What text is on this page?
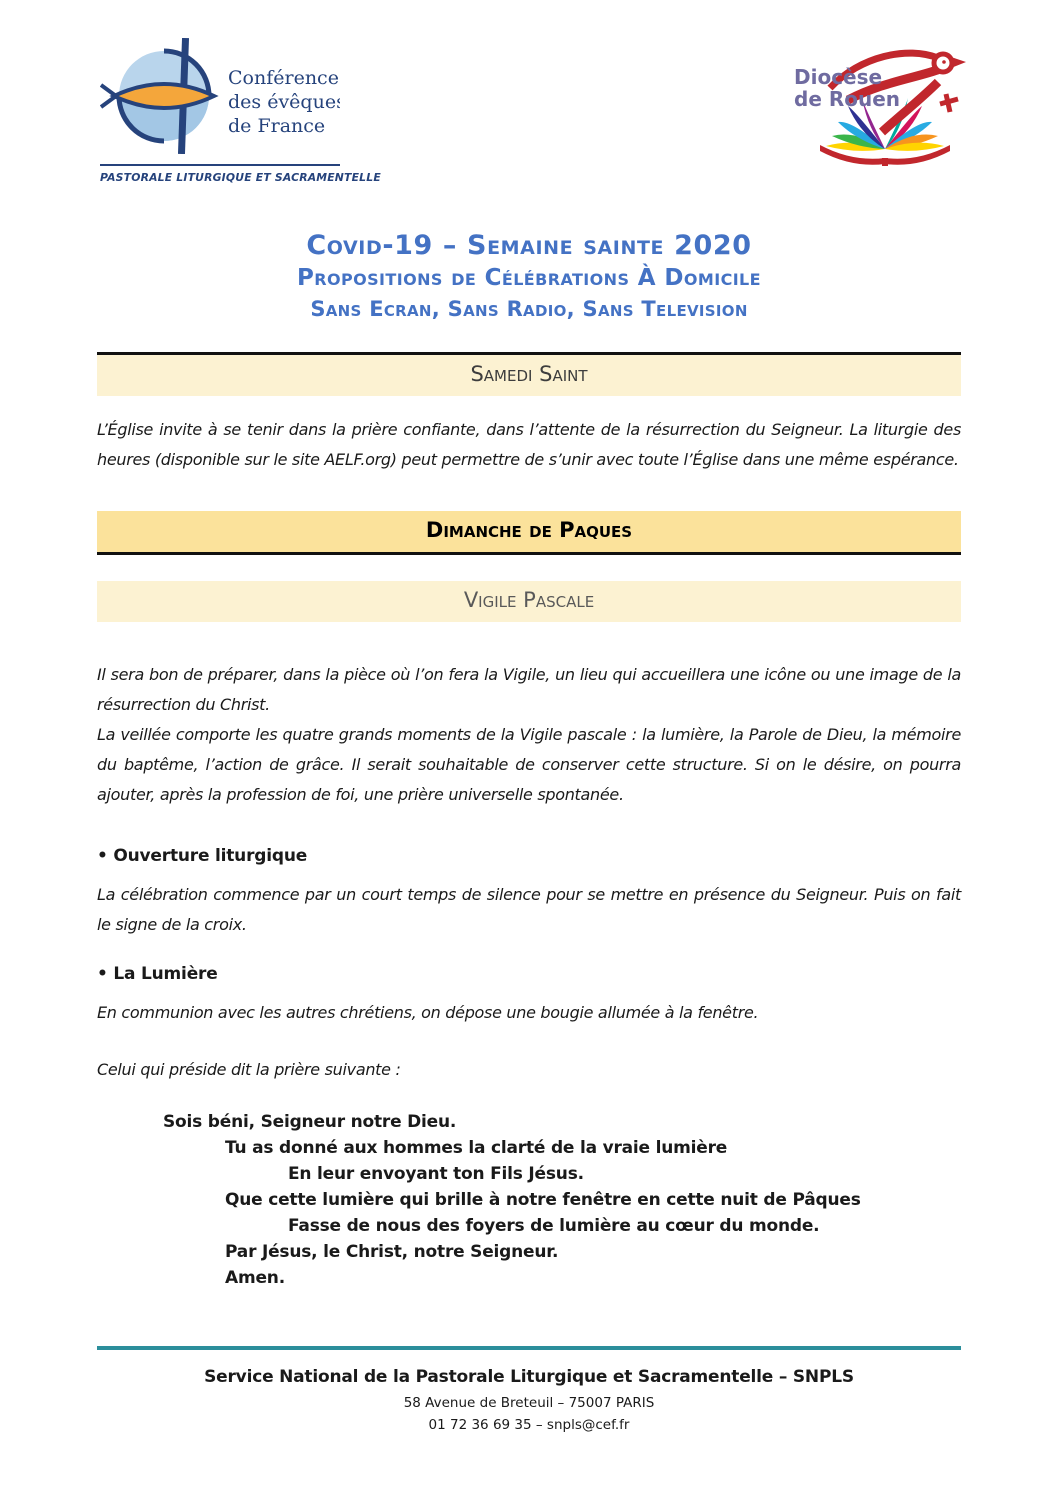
Conférence
des évêques
de France
PASTORALE LITURGIQUE ET SACRAMENTELLE
Diocèse
de Rouen
Covid-19 – Semaine sainte 2020
Propositions de Célébrations À Domicile
Sans Ecran, Sans Radio, Sans Television
Samedi Saint

L’Église invite à se tenir dans la prière confiante, dans l’attente de la résurrection du Seigneur. La liturgie des heures (disponible sur le site AELF.org) peut permettre de s’unir avec toute l’Église dans une même espérance.

Dimanche de Paques
Vigile Pascale

Il sera bon de préparer, dans la pièce où l’on fera la Vigile, un lieu qui accueillera une icône ou une image de la résurrection du Christ.

La veillée comporte les quatre grands moments de la Vigile pascale : la lumière, la Parole de Dieu, la mémoire du baptême, l’action de grâce. Il serait souhaitable de conserver cette structure. Si on le désire, on pourra ajouter, après la profession de foi, une prière universelle spontanée.

• Ouverture liturgique

La célébration commence par un court temps de silence pour se mettre en présence du Seigneur. Puis on fait le signe de la croix.

• La Lumière

En communion avec les autres chrétiens, on dépose une bougie allumée à la fenêtre.

Celui qui préside dit la prière suivante :

Sois béni, Seigneur notre Dieu.
Tu as donné aux hommes la clarté de la vraie lumière
En leur envoyant ton Fils Jésus.
Que cette lumière qui brille à notre fenêtre en cette nuit de Pâques
Fasse de nous des foyers de lumière au cœur du monde.
Par Jésus, le Christ, notre Seigneur.
Amen.
Service National de la Pastorale Liturgique et Sacramentelle – SNPLS
58 Avenue de Breteuil – 75007 PARIS
01 72 36 69 35 – snpls@cef.fr
